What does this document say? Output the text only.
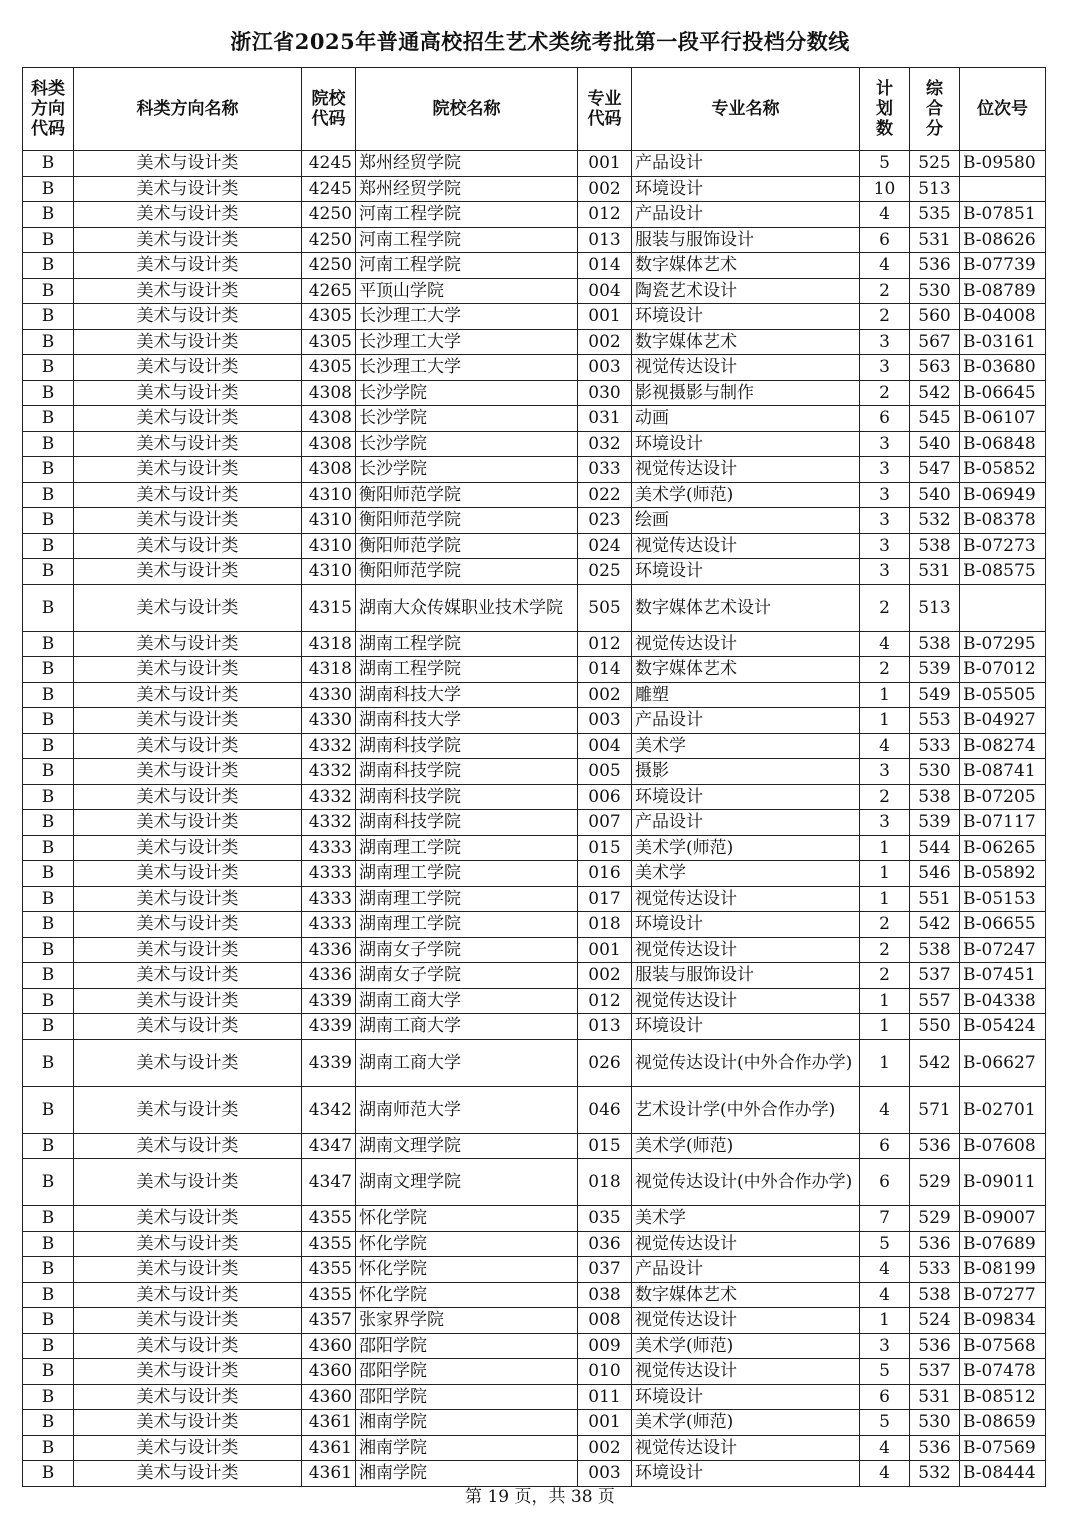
浙江省2025年普通高校招生艺术类统考批第一段平行投档分数线
科类方向代码	科类方向名称	院校代码	院校名称	专业代码	专业名称	计划数	综合分	位次号
B	美术与设计类	4245	郑州经贸学院	001	产品设计	5	525	B-09580
B	美术与设计类	4245	郑州经贸学院	002	环境设计	10	513	
B	美术与设计类	4250	河南工程学院	012	产品设计	4	535	B-07851
B	美术与设计类	4250	河南工程学院	013	服装与服饰设计	6	531	B-08626
B	美术与设计类	4250	河南工程学院	014	数字媒体艺术	4	536	B-07739
B	美术与设计类	4265	平顶山学院	004	陶瓷艺术设计	2	530	B-08789
B	美术与设计类	4305	长沙理工大学	001	环境设计	2	560	B-04008
B	美术与设计类	4305	长沙理工大学	002	数字媒体艺术	3	567	B-03161
B	美术与设计类	4305	长沙理工大学	003	视觉传达设计	3	563	B-03680
B	美术与设计类	4308	长沙学院	030	影视摄影与制作	2	542	B-06645
B	美术与设计类	4308	长沙学院	031	动画	6	545	B-06107
B	美术与设计类	4308	长沙学院	032	环境设计	3	540	B-06848
B	美术与设计类	4308	长沙学院	033	视觉传达设计	3	547	B-05852
B	美术与设计类	4310	衡阳师范学院	022	美术学(师范)	3	540	B-06949
B	美术与设计类	4310	衡阳师范学院	023	绘画	3	532	B-08378
B	美术与设计类	4310	衡阳师范学院	024	视觉传达设计	3	538	B-07273
B	美术与设计类	4310	衡阳师范学院	025	环境设计	3	531	B-08575
B	美术与设计类	4315	湖南大众传媒职业技术学院	505	数字媒体艺术设计	2	513	
B	美术与设计类	4318	湖南工程学院	012	视觉传达设计	4	538	B-07295
B	美术与设计类	4318	湖南工程学院	014	数字媒体艺术	2	539	B-07012
B	美术与设计类	4330	湖南科技大学	002	雕塑	1	549	B-05505
B	美术与设计类	4330	湖南科技大学	003	产品设计	1	553	B-04927
B	美术与设计类	4332	湖南科技学院	004	美术学	4	533	B-08274
B	美术与设计类	4332	湖南科技学院	005	摄影	3	530	B-08741
B	美术与设计类	4332	湖南科技学院	006	环境设计	2	538	B-07205
B	美术与设计类	4332	湖南科技学院	007	产品设计	3	539	B-07117
B	美术与设计类	4333	湖南理工学院	015	美术学(师范)	1	544	B-06265
B	美术与设计类	4333	湖南理工学院	016	美术学	1	546	B-05892
B	美术与设计类	4333	湖南理工学院	017	视觉传达设计	1	551	B-05153
B	美术与设计类	4333	湖南理工学院	018	环境设计	2	542	B-06655
B	美术与设计类	4336	湖南女子学院	001	视觉传达设计	2	538	B-07247
B	美术与设计类	4336	湖南女子学院	002	服装与服饰设计	2	537	B-07451
B	美术与设计类	4339	湖南工商大学	012	视觉传达设计	1	557	B-04338
B	美术与设计类	4339	湖南工商大学	013	环境设计	1	550	B-05424
B	美术与设计类	4339	湖南工商大学	026	视觉传达设计(中外合作办学)	1	542	B-06627
B	美术与设计类	4342	湖南师范大学	046	艺术设计学(中外合作办学)	4	571	B-02701
B	美术与设计类	4347	湖南文理学院	015	美术学(师范)	6	536	B-07608
B	美术与设计类	4347	湖南文理学院	018	视觉传达设计(中外合作办学)	6	529	B-09011
B	美术与设计类	4355	怀化学院	035	美术学	7	529	B-09007
B	美术与设计类	4355	怀化学院	036	视觉传达设计	5	536	B-07689
B	美术与设计类	4355	怀化学院	037	产品设计	4	533	B-08199
B	美术与设计类	4355	怀化学院	038	数字媒体艺术	4	538	B-07277
B	美术与设计类	4357	张家界学院	008	视觉传达设计	1	524	B-09834
B	美术与设计类	4360	邵阳学院	009	美术学(师范)	3	536	B-07568
B	美术与设计类	4360	邵阳学院	010	视觉传达设计	5	537	B-07478
B	美术与设计类	4360	邵阳学院	011	环境设计	6	531	B-08512
B	美术与设计类	4361	湘南学院	001	美术学(师范)	5	530	B-08659
B	美术与设计类	4361	湘南学院	002	视觉传达设计	4	536	B-07569
B	美术与设计类	4361	湘南学院	003	环境设计	4	532	B-08444
第 19 页，共 38 页
